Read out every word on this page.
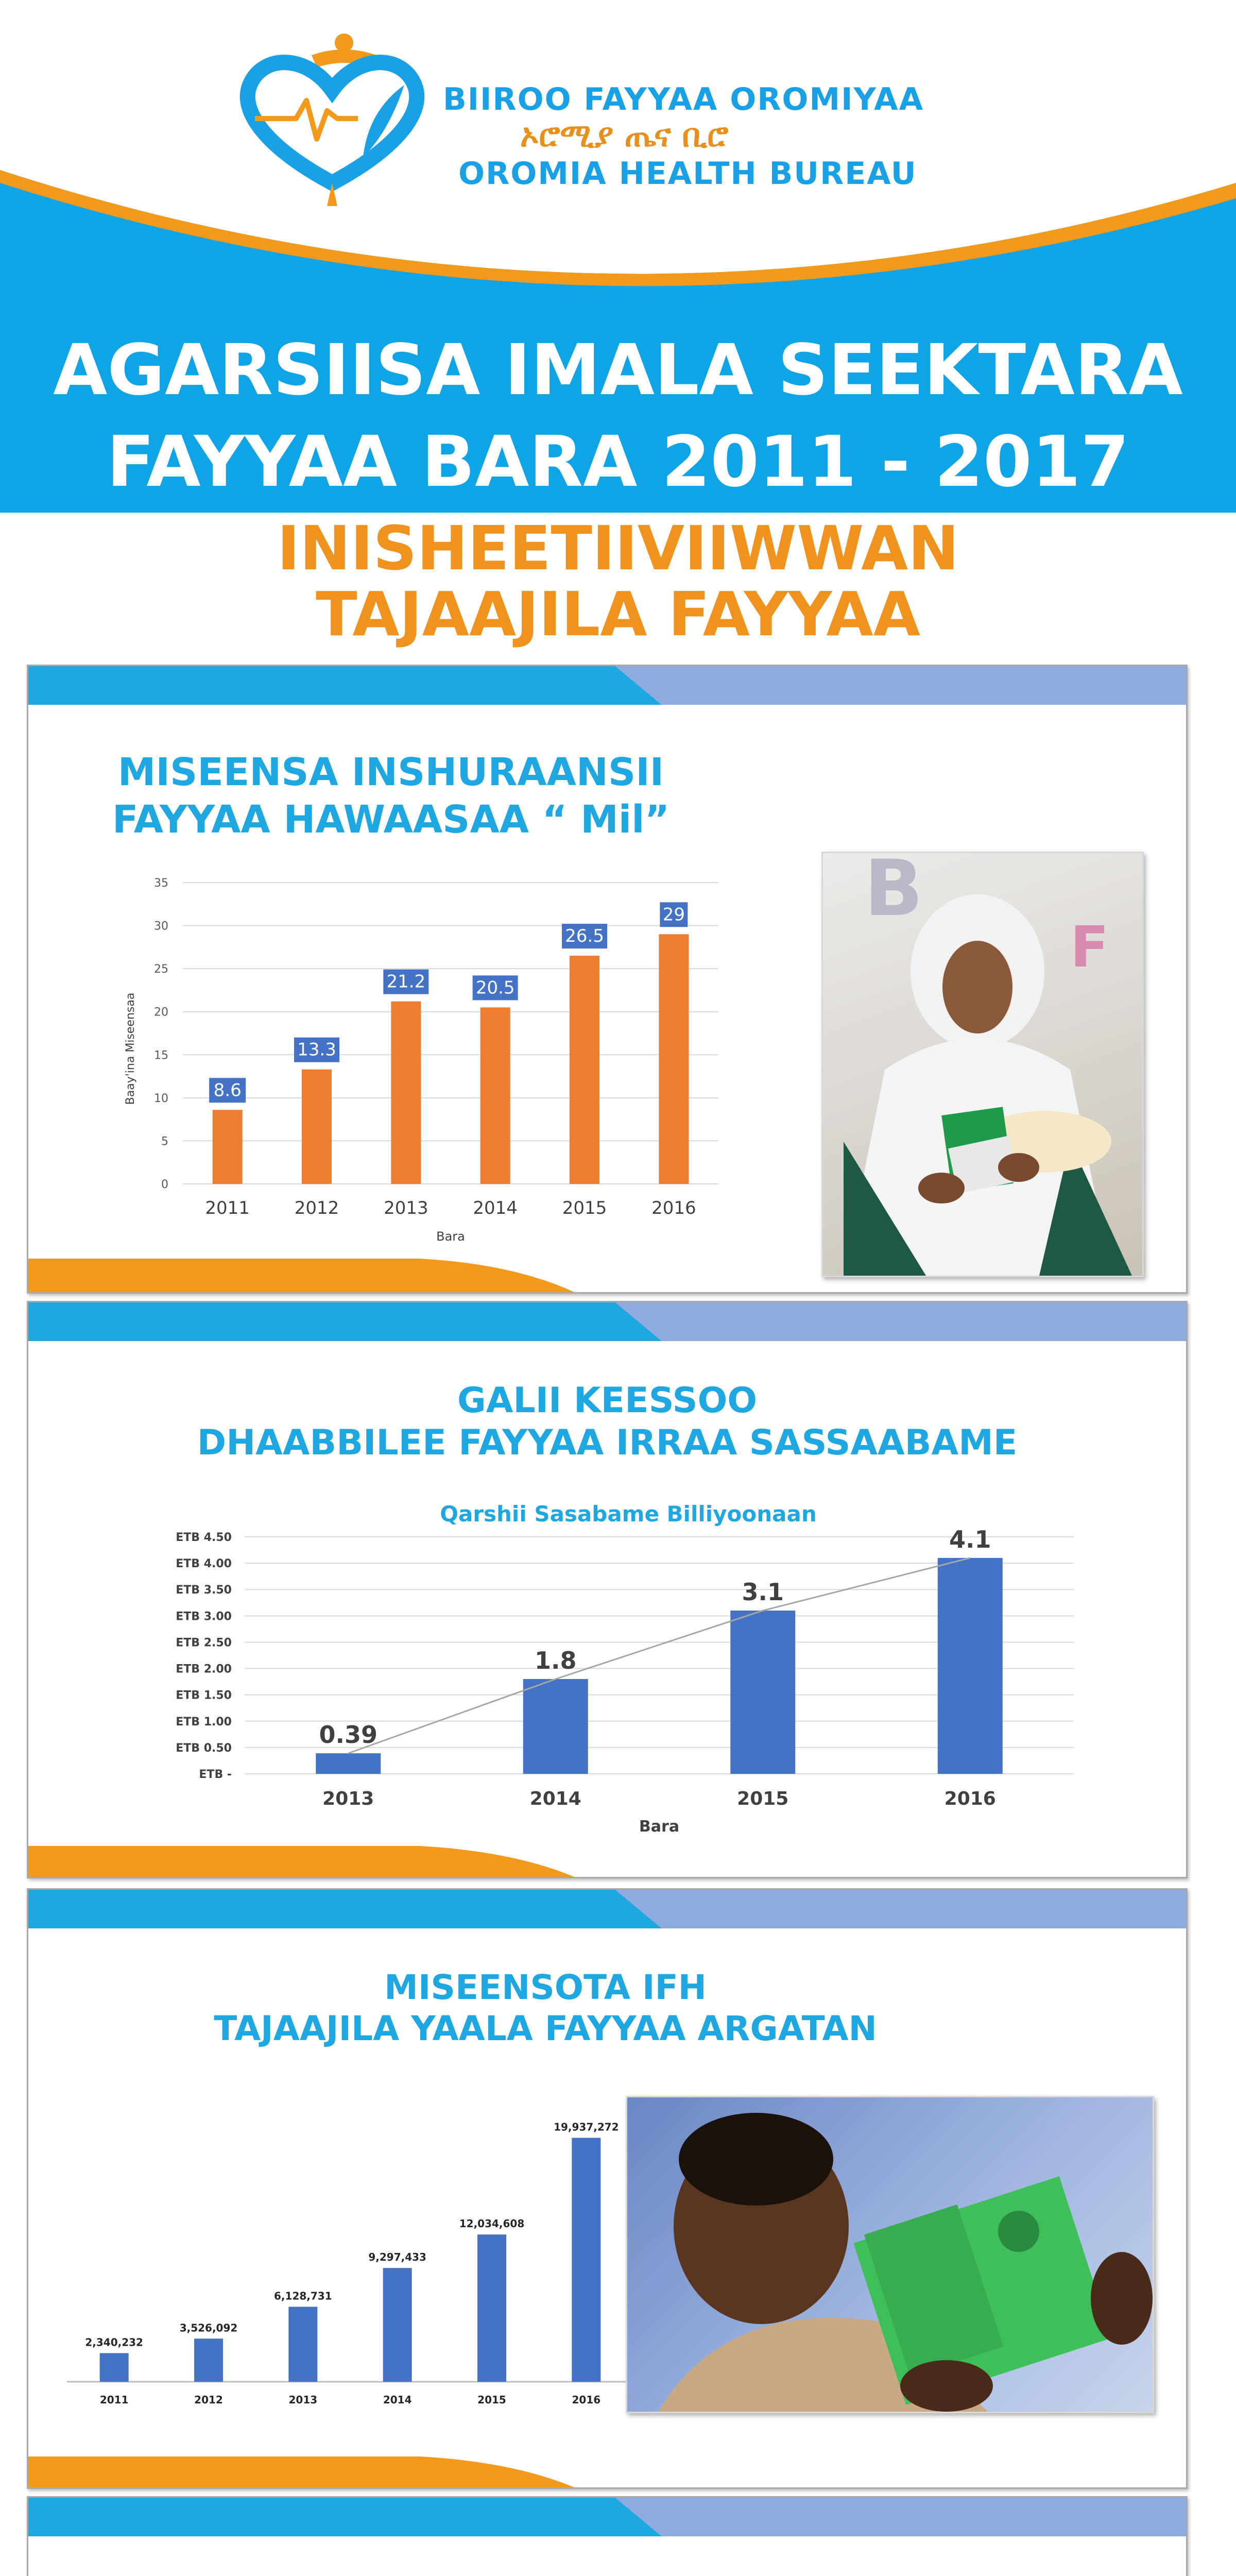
BIIROO FAYYAA OROMIYAA
ኦሮሚያ ጤና ቢሮ
OROMIA HEALTH BUREAU
AGARSIISA IMALA SEEKTARA
FAYYAA BARA 2011 - 2017
INISHEETIIVIIWWAN
TAJAAJILA FAYYAA
MISEENSA INSHURAANSII
FAYYAA HAWAASAA “ Mil”
0
5
10
15
20
25
30
35
8.6
2011
13.3
2012
21.2
2013
20.5
2014
26.5
2015
29
2016
Bara
Baay'ina Miseensaa
B
F
GALII KEESSOO
DHAABBILEE FAYYAA IRRAA SASSAABAME
Qarshii Sasabame Billiyoonaan
ETB -
ETB 0.50
ETB 1.00
ETB 1.50
ETB 2.00
ETB 2.50
ETB 3.00
ETB 3.50
ETB 4.00
ETB 4.50
0.39
2013
1.8
2014
3.1
2015
4.1
2016
Bara
MISEENSOTA IFH
TAJAAJILA YAALA FAYYAA ARGATAN
2,340,232
2011
3,526,092
2012
6,128,731
2013
9,297,433
2014
12,034,608
2015
19,937,272
2016
